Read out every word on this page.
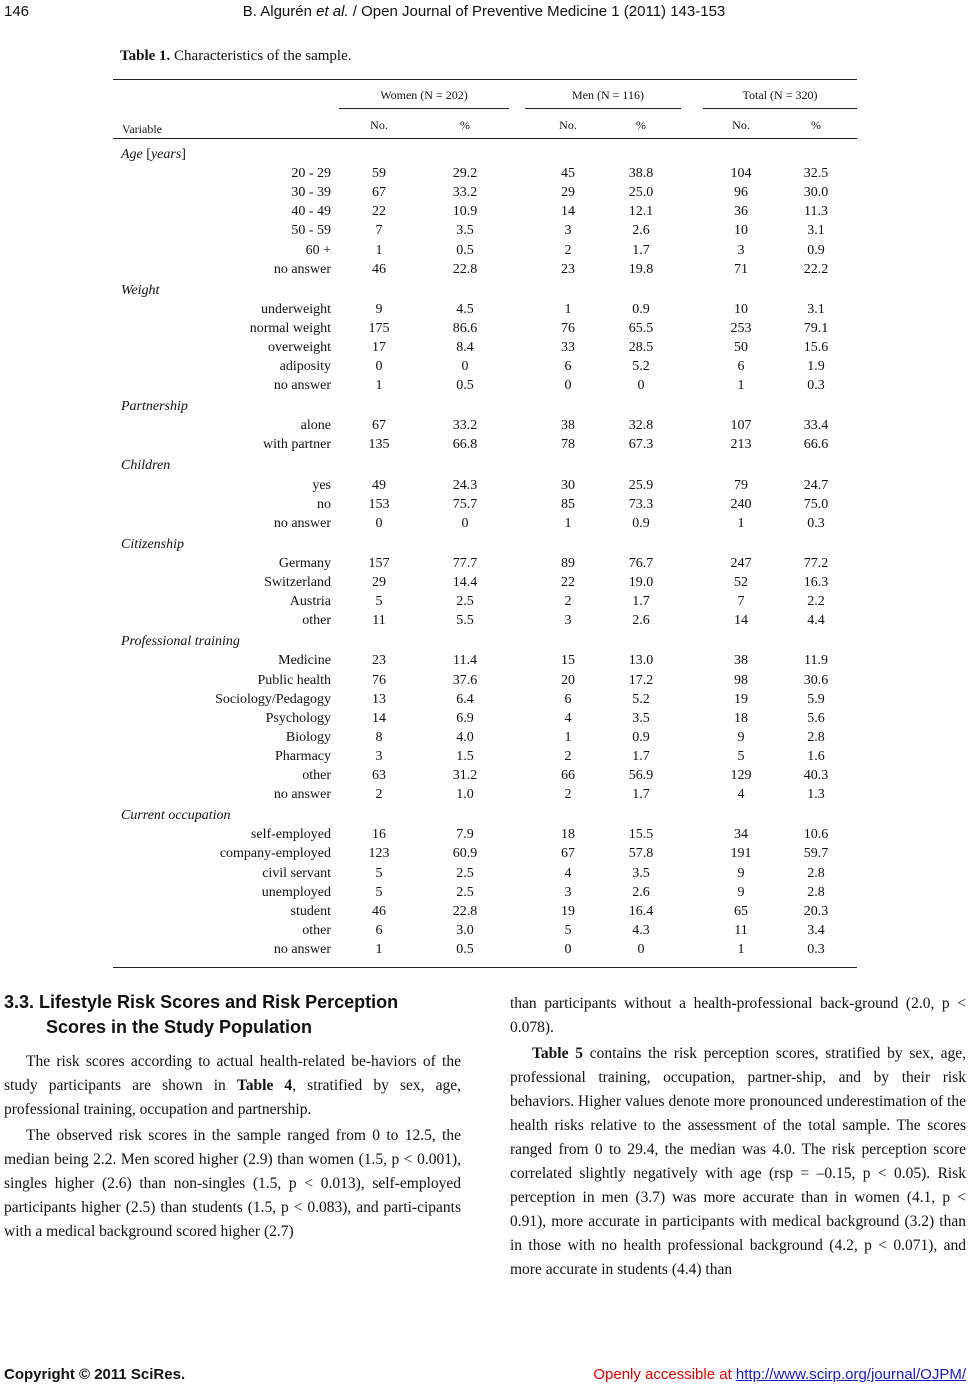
146	B. Algurén et al. / Open Journal of Preventive Medicine 1 (2011) 143-153
Table 1. Characteristics of the sample.
Women (N = 202)	Men (N = 116)	Total (N = 320)
Variable	No.	%	No.	%	No.	%
Age [years]
20 - 29	59	29.2	45	38.8	104	32.5
30 - 39	67	33.2	29	25.0	96	30.0
40 - 49	22	10.9	14	12.1	36	11.3
50 - 59	7	3.5	3	2.6	10	3.1
60 +	1	0.5	2	1.7	3	0.9
no answer	46	22.8	23	19.8	71	22.2
Weight
underweight	9	4.5	1	0.9	10	3.1
normal weight	175	86.6	76	65.5	253	79.1
overweight	17	8.4	33	28.5	50	15.6
adiposity	0	0	6	5.2	6	1.9
no answer	1	0.5	0	0	1	0.3
Partnership
alone	67	33.2	38	32.8	107	33.4
with partner	135	66.8	78	67.3	213	66.6
Children
yes	49	24.3	30	25.9	79	24.7
no	153	75.7	85	73.3	240	75.0
no answer	0	0	1	0.9	1	0.3
Citizenship
Germany	157	77.7	89	76.7	247	77.2
Switzerland	29	14.4	22	19.0	52	16.3
Austria	5	2.5	2	1.7	7	2.2
other	11	5.5	3	2.6	14	4.4
Professional training
Medicine	23	11.4	15	13.0	38	11.9
Public health	76	37.6	20	17.2	98	30.6
Sociology/Pedagogy	13	6.4	6	5.2	19	5.9
Psychology	14	6.9	4	3.5	18	5.6
Biology	8	4.0	1	0.9	9	2.8
Pharmacy	3	1.5	2	1.7	5	1.6
other	63	31.2	66	56.9	129	40.3
no answer	2	1.0	2	1.7	4	1.3
Current occupation
self-employed	16	7.9	18	15.5	34	10.6
company-employed	123	60.9	67	57.8	191	59.7
civil servant	5	2.5	4	3.5	9	2.8
unemployed	5	2.5	3	2.6	9	2.8
student	46	22.8	19	16.4	65	20.3
other	6	3.0	5	4.3	11	3.4
no answer	1	0.5	0	0	1	0.3
3.3. Lifestyle Risk Scores and Risk Perception Scores in the Study Population

The risk scores according to actual health-related be-haviors of the study participants are shown in Table 4, stratified by sex, age, professional training, occupation and partnership.

The observed risk scores in the sample ranged from 0 to 12.5, the median being 2.2. Men scored higher (2.9) than women (1.5, p < 0.001), singles higher (2.6) than non-singles (1.5, p < 0.013), self-employed participants higher (2.5) than students (1.5, p < 0.083), and parti-cipants with a medical background scored higher (2.7)

than participants without a health-professional back-ground (2.0, p < 0.078).

Table 5 contains the risk perception scores, stratified by sex, age, professional training, occupation, partner-ship, and by their risk behaviors. Higher values denote more pronounced underestimation of the health risks relative to the assessment of the total sample. The scores ranged from 0 to 29.4, the median was 4.0. The risk perception score correlated slightly negatively with age (rsp = –0.15, p < 0.05). Risk perception in men (3.7) was more accurate than in women (4.1, p < 0.91), more accurate in participants with medical background (3.2) than in those with no health professional background (4.2, p < 0.071), and more accurate in students (4.4) than

Copyright © 2011 SciRes.	Openly accessible at http://www.scirp.org/journal/OJPM/
